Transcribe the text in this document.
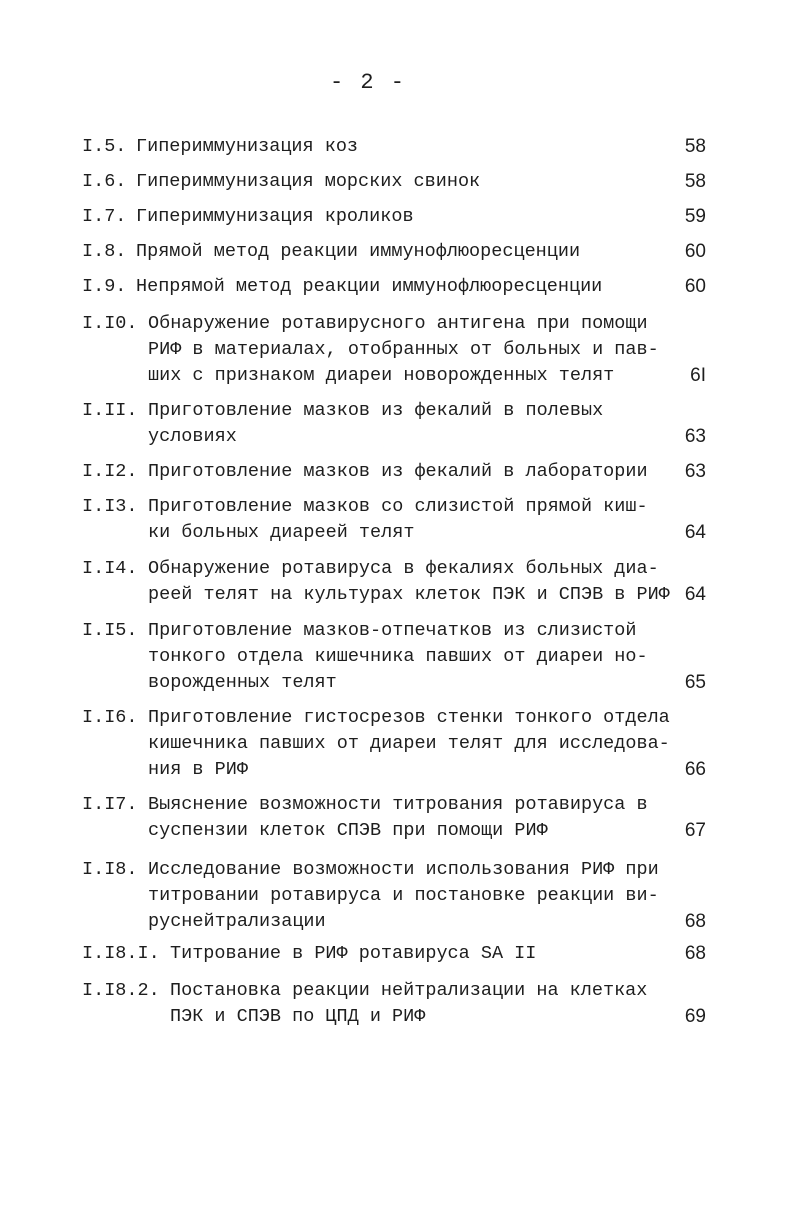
- 2 -
I.5. Гипериммунизация коз	58
I.6. Гипериммунизация морских свинок	58
I.7. Гипериммунизация кроликов	59
I.8. Прямой метод реакции иммунофлюоресценции	60
I.9. Непрямой метод реакции иммунофлюоресценции	60
I.I0. Обнаружение ротавирусного антигена при помощи
РИФ в материалах, отобранных от больных и пав-
ших с признаком диареи новорожденных телят	6I
I.II. Приготовление мазков из фекалий в полевых
условиях	63
I.I2. Приготовление мазков из фекалий в лаборатории	63
I.I3. Приготовление мазков со слизистой прямой киш-
ки больных диареей телят	64
I.I4. Обнаружение ротавируса в фекалиях больных диа-
реей телят на культурах клеток ПЭК и СПЭВ в РИФ 64
I.I5. Приготовление мазков-отпечатков из слизистой
тонкого отдела кишечника павших от диареи но-
ворожденных телят	65
I.I6. Приготовление гистосрезов стенки тонкого отдела
кишечника павших от диареи телят для исследова-
ния в РИФ	66
I.I7. Выяснение возможности титрования ротавируса в
суспензии клеток СПЭВ при помощи РИФ	67
I.I8. Исследование возможности использования РИФ при
титровании ротавируса и постановке реакции ви-
руснейтрализации	68
I.I8.I. Титрование в РИФ ротавируса SA II	68
I.I8.2. Постановка реакции нейтрализации на клетках
ПЭК и СПЭВ по ЦПД и РИФ	69
